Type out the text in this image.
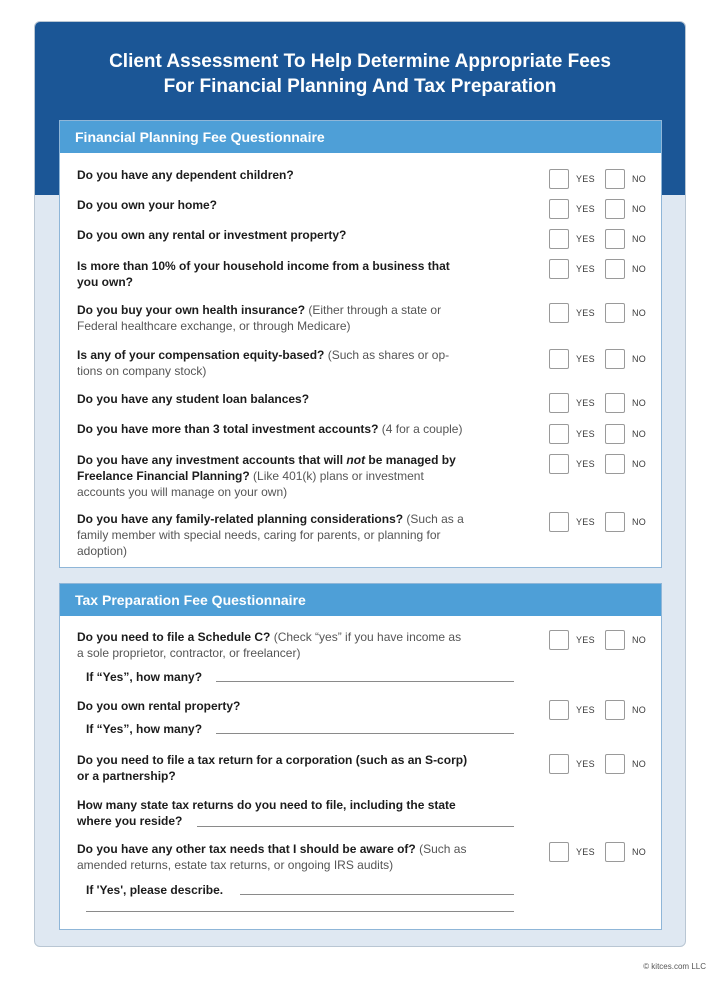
Client Assessment To Help Determine Appropriate Fees
For Financial Planning And Tax Preparation
Financial Planning Fee Questionnaire
Do you have any dependent children?	YES	NO
Do you own your home?	YES	NO
Do you own any rental or investment property?	YES	NO
Is more than 10% of your household income from a business that
you own?
YES	NO
Do you buy your own health insurance? (Either through a state or
Federal healthcare exchange, or through Medicare)
YES	NO
Is any of your compensation equity-based? (Such as shares or op-
tions on company stock)
YES	NO
Do you have any student loan balances?	YES	NO
Do you have more than 3 total investment accounts? (4 for a couple)	YES	NO
Do you have any investment accounts that will not be managed by
Freelance Financial Planning? (Like 401(k) plans or investment
accounts you will manage on your own)
YES	NO
Do you have any family-related planning considerations? (Such as a
family member with special needs, caring for parents, or planning for
adoption)
YES	NO
Tax Preparation Fee Questionnaire
Do you need to file a Schedule C? (Check “yes” if you have income as
a sole proprietor, contractor, or freelancer)
YES	NO
If “Yes”, how many?
Do you own rental property?	YES	NO
If “Yes”, how many?
Do you need to file a tax return for a corporation (such as an S-corp)
or a partnership?
YES	NO
How many state tax returns do you need to file, including the state
where you reside?
Do you have any other tax needs that I should be aware of? (Such as
amended returns, estate tax returns, or ongoing IRS audits)
YES	NO
If 'Yes', please describe.
© kitces.com LLC
